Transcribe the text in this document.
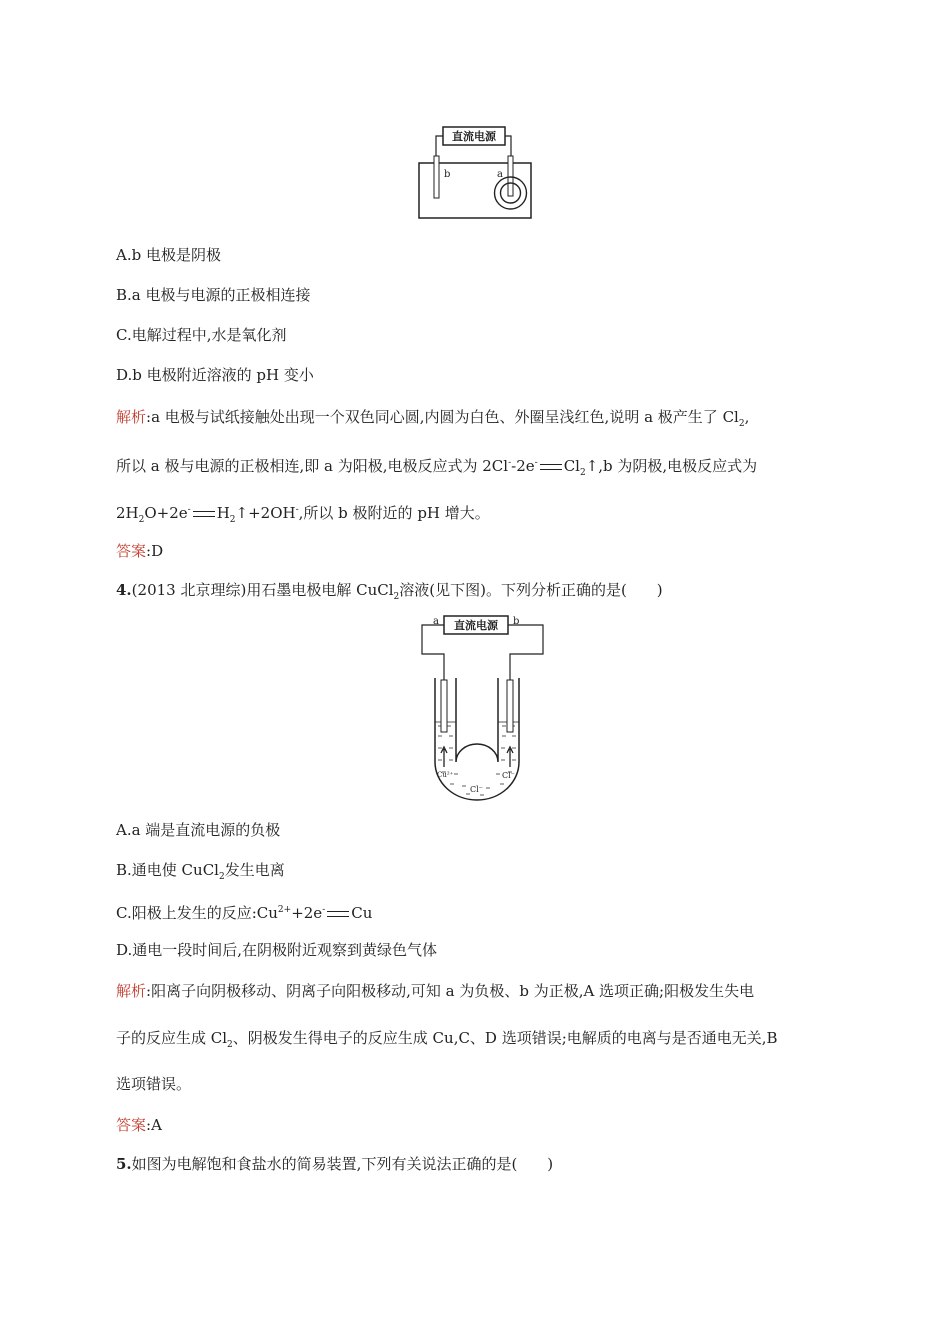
直流电源
b	a
A.b 电极是阴极
B.a 电极与电源的正极相连接
C.电解过程中,水是氧化剂
D.b 电极附近溶液的 pH 变小
解析:a 电极与试纸接触处出现一个双色同心圆,内圆为白色、外圈呈浅红色,说明 a 极产生了 $Cl_2$,
所以 a 极与电源的正极相连,即 a 为阳极,电极反应式为 2Cl--2e- $Cl_2↑,b$ 为阴极,电极反应式为
$2H_2O+2e^-$ $H_2↑+2OH^-$,所以 b 极附近的 pH 增大。
答案:D
4.(2013 北京理综)用石墨电极电解 CuCl$_2$溶液(见下图)。下列分析正确的是(　　)
直流电源
a	b
Cu²⁺	Cl⁻
Cl⁻
A.a 端是直流电源的负极
B.通电使 CuCl$_2$发生电离
C.阳极上发生的反应$:Cu^{2+}+2e^-$ Cu
D.通电一段时间后,在阴极附近观察到黄绿色气体
解析:阳离子向阴极移动、阴离子向阳极移动,可知 a 为负极、b 为正极,A 选项正确;阳极发生失电
子的反应生成 $Cl_2$、阴极发生得电子的反应生成 Cu,C、D 选项错误;电解质的电离与是否通电无关,B
选项错误。
答案:A
5.如图为电解饱和食盐水的简易装置,下列有关说法正确的是(　　)
